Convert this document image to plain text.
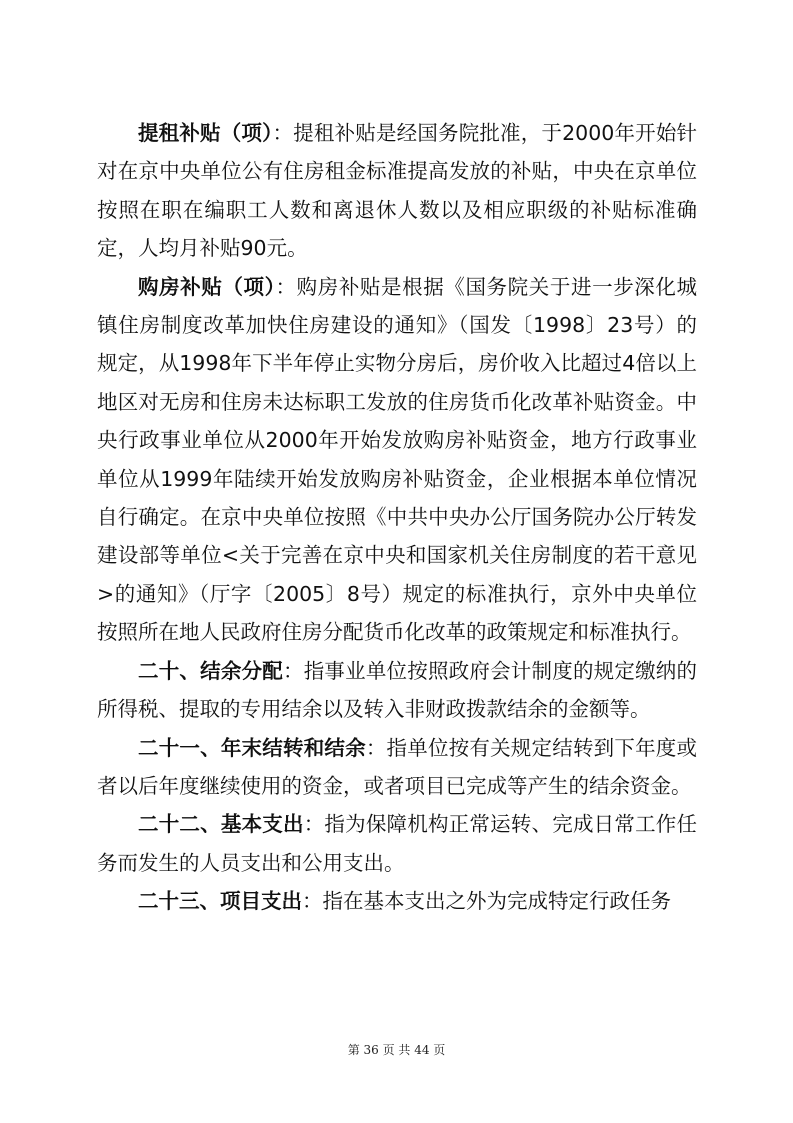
提租补贴（项）：提租补贴是经国务院批准，于2000年开始针对在京中央单位公有住房租金标准提高发放的补贴，中央在京单位按照在职在编职工人数和离退休人数以及相应职级的补贴标准确定，人均月补贴90元。

购房补贴（项）：购房补贴是根据《国务院关于进一步深化城镇住房制度改革加快住房建设的通知》（国发〔1998〕23号）的规定，从1998年下半年停止实物分房后，房价收入比超过4倍以上地区对无房和住房未达标职工发放的住房货币化改革补贴资金。中央行政事业单位从2000年开始发放购房补贴资金，地方行政事业单位从1999年陆续开始发放购房补贴资金，企业根据本单位情况自行确定。在京中央单位按照《中共中央办公厅国务院办公厅转发建设部等单位<关于完善在京中央和国家机关住房制度的若干意见>的通知》（厅字〔2005〕8号）规定的标准执行，京外中央单位按照所在地人民政府住房分配货币化改革的政策规定和标准执行。

二十、结余分配：指事业单位按照政府会计制度的规定缴纳的所得税、提取的专用结余以及转入非财政拨款结余的金额等。

二十一、年末结转和结余：指单位按有关规定结转到下年度或者以后年度继续使用的资金，或者项目已完成等产生的结余资金。

二十二、基本支出：指为保障机构正常运转、完成日常工作任务而发生的人员支出和公用支出。

二十三、项目支出：指在基本支出之外为完成特定行政任务

第 36 页 共 44 页
